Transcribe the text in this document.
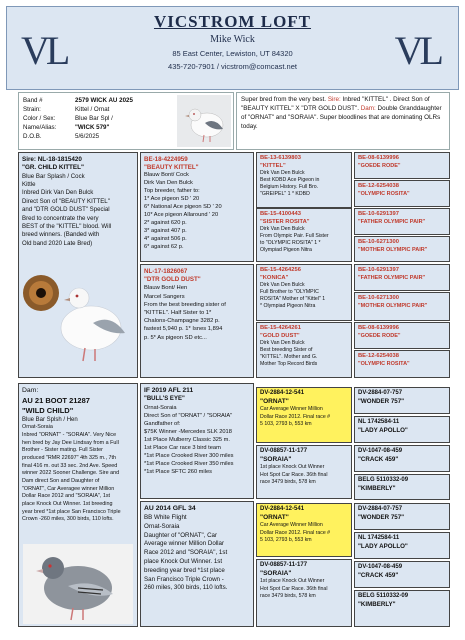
VL	VL
VICSTROM LOFT
Mike Wick
85 East Center, Lewiston, UT 84320
435-720-7901 / vicstrom@comcast.net
Band #
Strain:
Color / Sex:
Name/Alias:
D.O.B.
2579 WICK AU 2025
Kittel / Ornat
Blue Bar Spl /
"WICK 579"
5/6/2025
Super bred from the very best. Sire: Inbred "KITTEL" . Direct Son of "BEAUTY KITTEL" X "DTR GOLD DUST". Dam: Double Granddaughter of "ORNAT" and "SORAIA". Super bloodlines that are dominating OLRs today.
Sire: NL-18-1815420
"GR. CHILD KITTEL"
Blue Bar Splash / Cock
Kittle
Inbred Dirk Van Den Bulck
Direct Son of "BEAUTY KITTEL"
and "DTR GOLD DUST" Special
Bred to concentrate the very
BEST of the "KITTEL" blood. Will
breed winners. (Banded with
Old band 2020 Late Bred)
BE-18-4224959
"BEAUTY KITTEL"
Blauw Bont/ Cock
Dirk Van Den Bulck
Top breeder, father to:
1* Ace pigeon SD ' 20
6* National Ace pigeon SD ' 20
10* Ace pigeon Allaround ' 20
2* against 620 p.
3* against 407 p.
4* against 506 p.
6* against 62 p.
NL-17-1826067
"DTR GOLD DUST"
Blauw Bont/ Hen
Marcel Sangers
From the best breeding sister of
"KITTEL". Half Sister to 1*
Chalons-Champagne 3282 p.
fastest 5,940 p. 1* Isnes 1,894
p. 5* As pigeon SD etc...
BE-13-6139803
"KITTEL"
Dirk Van Den Bulck
Best KDBD Ace Pigeon in
Belgium History. Full Bro.
"GREIPEL" 1 * KDBD
BE-15-4100443
"SISTER ROSITA"
Dirk Van Den Bulck
From Olympic Pair. Full Sister
to "OLYMPIC ROSITA" 1 *
Olympiad Pigeon Nitra
BE-15-4264256
"KONICA"
Dirk Van Den Bulck
Full Brother to "OLYMPIC
ROSITA" Mother of "Kittel" 1
* Olympiad Pigeon Nitra
BE-15-4264261
"GOLD DUST"
Dirk Van Den Bulck
Best breeding Sister of
"KITTEL". Mother and G.
Mother Top Record Birds
BE-08-6139996
"GOEDE RODE"
BE-12-6254038
"OLYMPIC ROSITA"
BE-10-6291397
"FATHER OLYMPIC PAIR"
BE-10-6271300
"MOTHER OLYMPIC PAIR"
BE-10-6291397
"FATHER OLYMPIC PAIR"
BE-10-6271300
"MOTHER OLYMPIC PAIR"
BE-08-6139996
"GOEDE RODE"
BE-12-6254038
"OLYMPIC ROSITA"
Dam:
AU 21 BOOT 21287
"WILD CHILD"
Blue Bar Splsh / Hen
Ornat-Soraia
Inbred "ORNAT" - "SORAIA". Very Nice
hen bred by Jay Dee Lindsay from a Full
Brother - Sister mating. Full Sister
produced "RMR 22697" 4th 325 m., 7th
final 416 m. out 33 sec. 2nd Ave. Speed
winner 2022 Sooner Challenge. Sire and
Dam direct Son and Daughter of
"ORNAT", Car Averagee winner Million
Dollar Race 2012 and "SORAIA", 1st
place Knock Out Winner. 1st breeding
year bred *1st place San Francisco Triple
Crown -260 miles, 300 birds, 110 lofts.
IF 2019 AFL 211
"BULL'S EYE"
Ornat-Soraia
Direct Son of "ORNAT" / "SORAIA"
Gandfather of:
$75K Winner -Mercedes SLK 2018
1st Place Mulberry Classic 325 m.
1st Place Car race 3 bird team
*1st Place Crooked River 300 miles
*1st Place Crooked River 350 miles
*1st Place SFTC 260 miles
AU 2014 GFL 34
BB White Flight
Ornat-Soraia
Daughter of "ORNAT", Car
Average winner Million Dollar
Race 2012 and "SORAIA", 1st
place Knock Out Winner. 1st
breeding year bred *1st place
San Francisco Triple Crown -
260 miles, 300 birds, 110 lofts.
DV-2884-12-541
"ORNAT"
Car Average Winner Million
Dollar Race 2012. Final race #
5 103, 2793 b, 553 km
DV-08857-11-177
"SORAIA"
1st place Knock Out Winner
Hot Spot Car Race. 36th final
race 3479 birds, 578 km
DV-2884-12-541
"ORNAT"
Car Average Winner Million
Dollar Race 2012. Final race #
5 103, 2793 b, 553 km
DV-08857-11-177
"SORAIA"
1st place Knock Out Winner
Hot Spot Car Race. 36th final
race 3479 birds, 578 km
DV-2884-07-757
"WONDER 757"
NL 1742584-11
"LADY APOLLO"
DV-1047-08-459
"CRACK 459"
BELG 5110332-09
"KIMBERLY"
DV-2884-07-757
"WONDER 757"
NL 1742584-11
"LADY APOLLO"
DV-1047-08-459
"CRACK 459"
BELG 5110332-09
"KIMBERLY"
